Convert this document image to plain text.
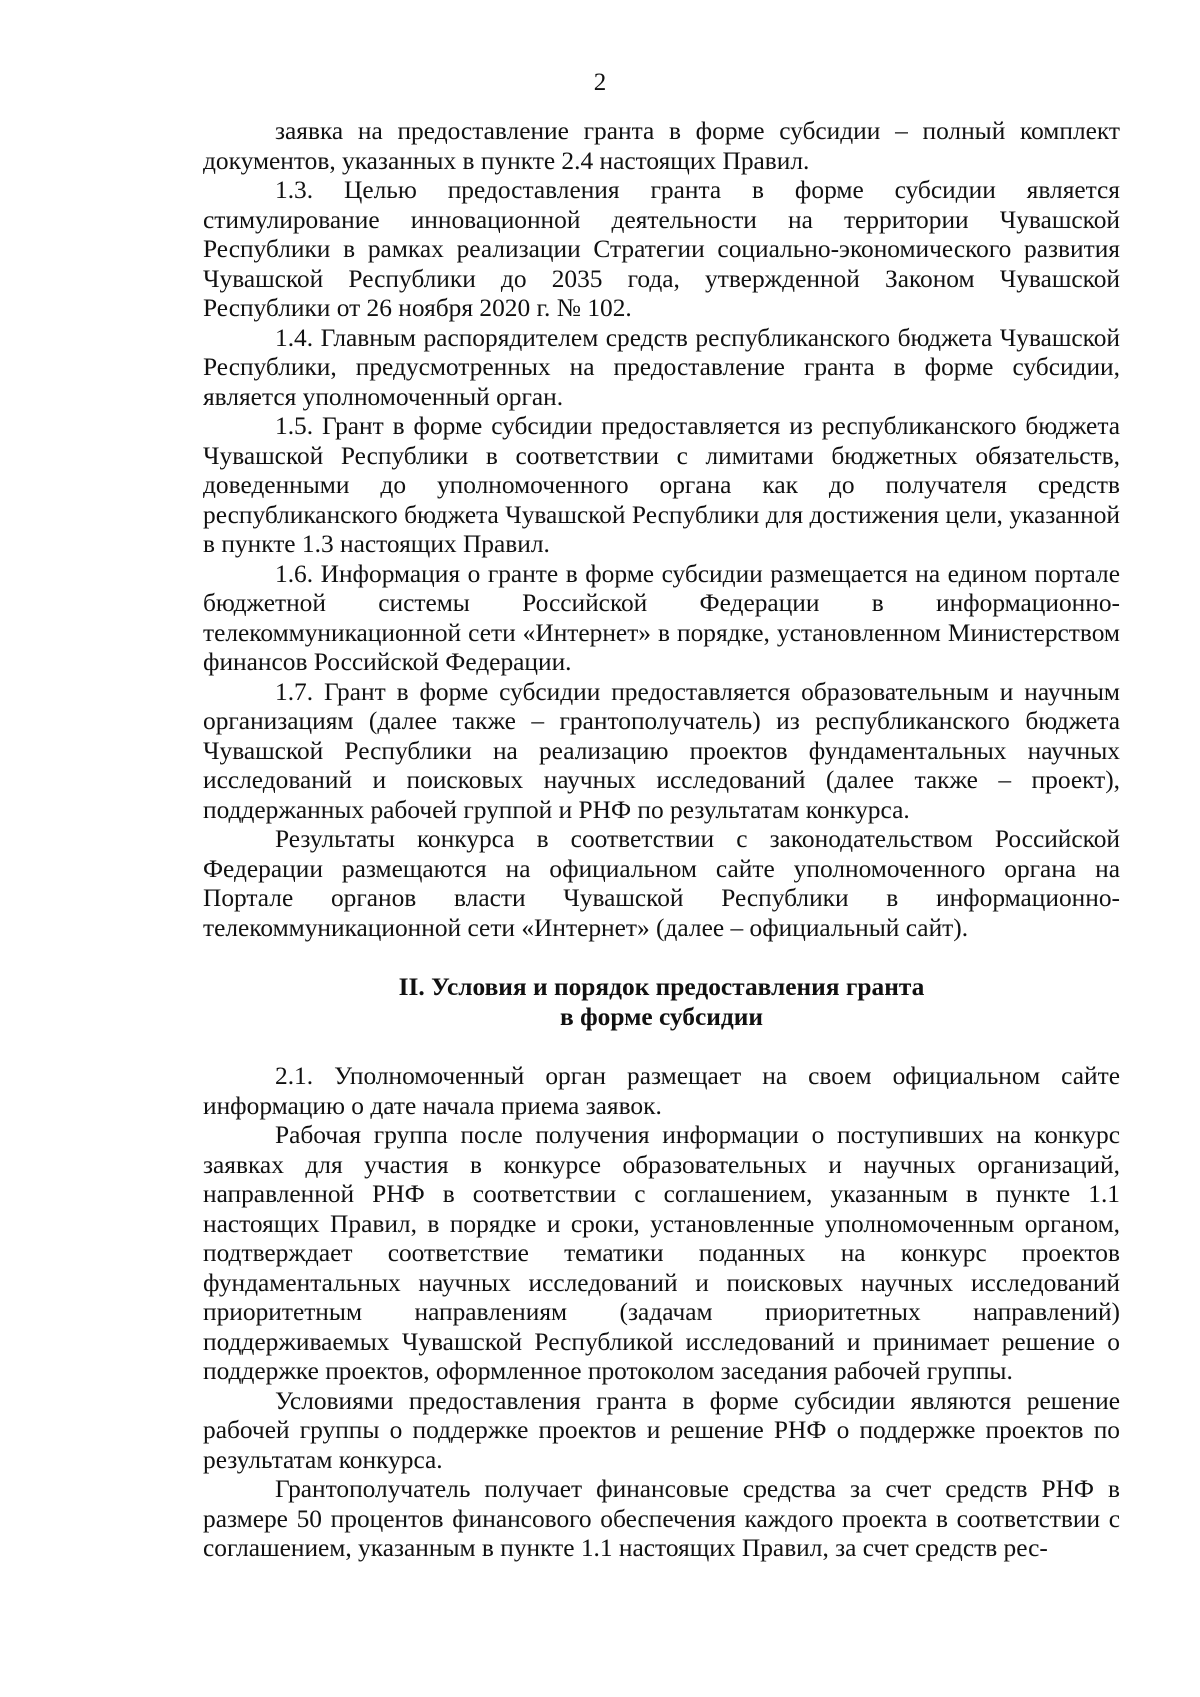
2

заявка на предоставление гранта в форме субсидии – полный комплект документов, указанных в пункте 2.4 настоящих Правил.

1.3. Целью предоставления гранта в форме субсидии является стимулирование инновационной деятельности на территории Чувашской Республики в рамках реализации Стратегии социально-экономического развития Чувашской Республики до 2035 года, утвержденной Законом Чувашской Республики от 26 ноября 2020 г. № 102.

1.4. Главным распорядителем средств республиканского бюджета Чувашской Республики, предусмотренных на предоставление гранта в форме субсидии, является уполномоченный орган.

1.5. Грант в форме субсидии предоставляется из республиканского бюджета Чувашской Республики в соответствии с лимитами бюджетных обязательств, доведенными до уполномоченного органа как до получателя средств республиканского бюджета Чувашской Республики для достижения цели, указанной в пункте 1.3 настоящих Правил.

1.6. Информация о гранте в форме субсидии размещается на едином портале бюджетной системы Российской Федерации в информационно-телекоммуникационной сети «Интернет» в порядке, установленном Министерством финансов Российской Федерации.

1.7. Грант в форме субсидии предоставляется образовательным и научным организациям (далее также – грантополучатель) из республиканского бюджета Чувашской Республики на реализацию проектов фундаментальных научных исследований и поисковых научных исследований (далее также – проект), поддержанных рабочей группой и РНФ по результатам конкурса.

Результаты конкурса в соответствии с законодательством Российской Федерации размещаются на официальном сайте уполномоченного органа на Портале органов власти Чувашской Республики в информационно-телекоммуникационной сети «Интернет» (далее – официальный сайт).

II. Условия и порядок предоставления гранта
в форме субсидии

2.1. Уполномоченный орган размещает на своем официальном сайте информацию о дате начала приема заявок.

Рабочая группа после получения информации о поступивших на конкурс заявках для участия в конкурсе образовательных и научных организаций, направленной РНФ в соответствии с соглашением, указанным в пункте 1.1 настоящих Правил, в порядке и сроки, установленные уполномоченным органом, подтверждает соответствие тематики поданных на конкурс проектов фундаментальных научных исследований и поисковых научных исследований приоритетным направлениям (задачам приоритетных направлений) поддерживаемых Чувашской Республикой исследований и принимает решение о поддержке проектов, оформленное протоколом заседания рабочей группы.

Условиями предоставления гранта в форме субсидии являются решение рабочей группы о поддержке проектов и решение РНФ о поддержке проектов по результатам конкурса.

Грантополучатель получает финансовые средства за счет средств РНФ в размере 50 процентов финансового обеспечения каждого проекта в соответствии с соглашением, указанным в пункте 1.1 настоящих Правил, за счет средств рес-
